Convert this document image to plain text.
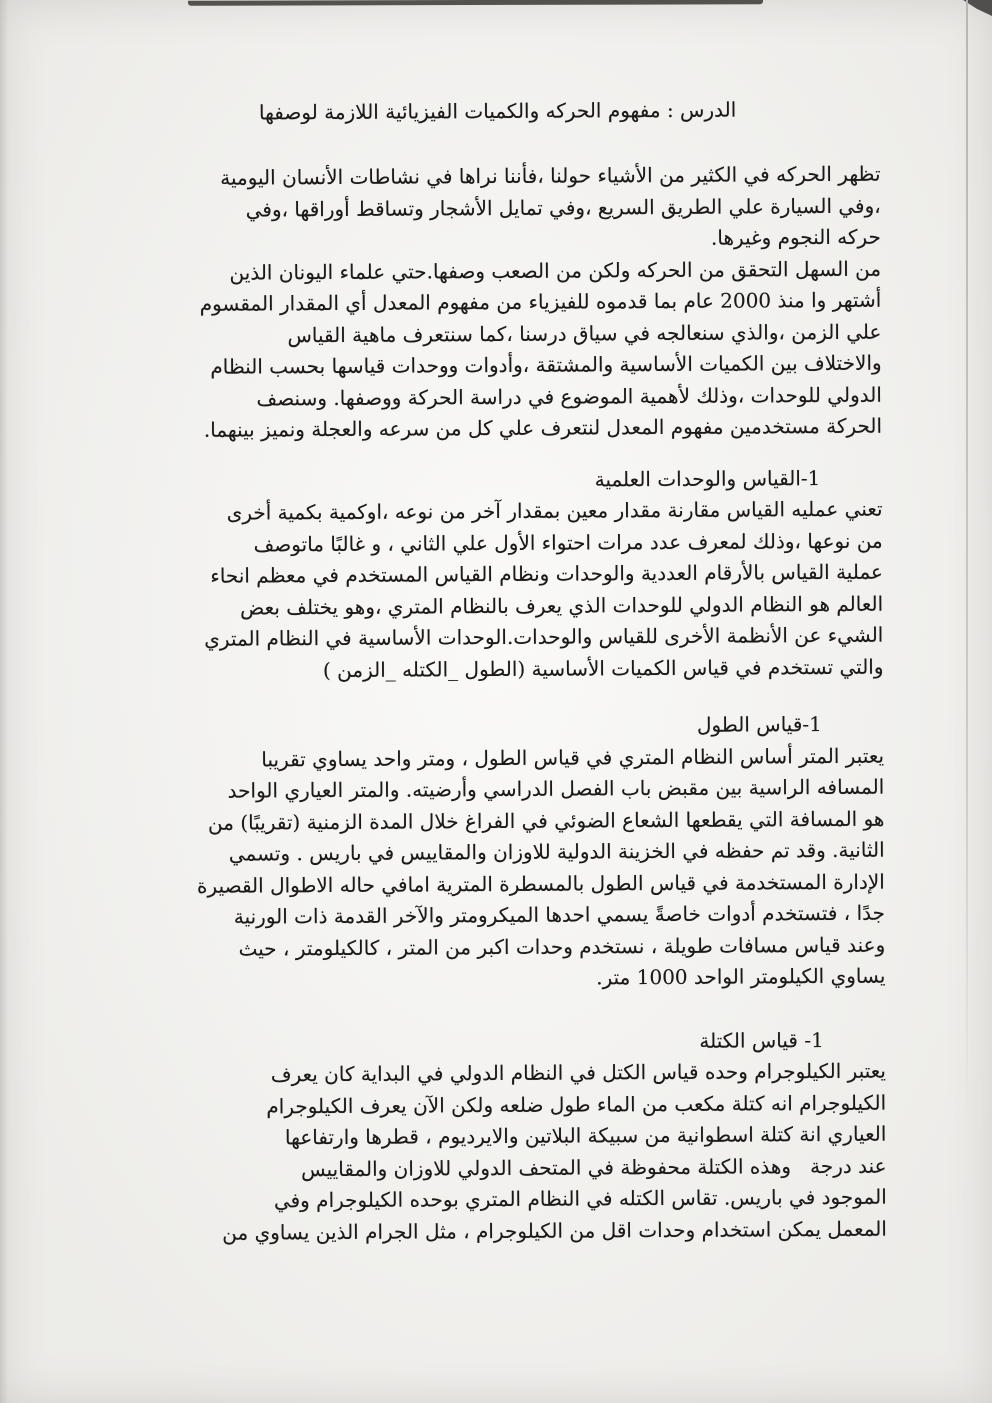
الدرس : مفهوم الحركه والكميات الفيزيائية اللازمة لوصفها
تظهر الحركه في الكثير من الأشياء حولنا ،فأننا نراها في نشاطات الأنسان اليومية
،وفي السيارة علي الطريق السريع ،وفي تمايل الأشجار وتساقط أوراقها ،وفي
حركه النجوم وغيرها.
من السهل التحقق من الحركه ولكن من الصعب وصفها.حتي علماء اليونان الذين
أشتهر وا منذ 2000 عام بما قدموه للفيزياء من مفهوم المعدل أي المقدار المقسوم
علي الزمن ،والذي سنعالجه في سياق درسنا ،كما سنتعرف ماهية القياس
والاختلاف بين الكميات الأساسية والمشتقة ،وأدوات ووحدات قياسها بحسب النظام
الدولي للوحدات ،وذلك لأهمية الموضوع في دراسة الحركة ووصفها. وسنصف
الحركة مستخدمين مفهوم المعدل لنتعرف علي كل من سرعه والعجلة ونميز بينهما.
1-القياس والوحدات العلمية
تعني عمليه القياس مقارنة مقدار معين بمقدار آخر من نوعه ،اوكمية بكمية أخرى
من نوعها ،وذلك لمعرف عدد مرات احتواء الأول علي الثاني ، و غالبًا ماتوصف
عملية القياس بالأرقام العددية والوحدات ونظام القياس المستخدم في معظم انحاء
العالم هو النظام الدولي للوحدات الذي يعرف بالنظام المتري ،وهو يختلف بعض
الشيء عن الأنظمة الأخرى للقياس والوحدات.الوحدات الأساسية في النظام المتري
والتي تستخدم في قياس الكميات الأساسية (الطول _الكتله _الزمن )
1-قياس الطول
يعتبر المتر أساس النظام المتري في قياس الطول ، ومتر واحد يساوي تقريبا
المسافه الراسية بين مقبض باب الفصل الدراسي وأرضيته. والمتر العياري الواحد
هو المسافة التي يقطعها الشعاع الضوئي في الفراغ خلال المدة الزمنية (تقريبًا) من
الثانية. وقد تم حفظه في الخزينة الدولية للاوزان والمقاييس في باريس . وتسمي
الإدارة المستخدمة في قياس الطول بالمسطرة المترية امافي حاله الاطوال القصيرة
جدًا ، فتستخدم أدوات خاصةً يسمي احدها الميكرومتر والآخر القدمة ذات الورنية
وعند قياس مسافات طويلة ، نستخدم وحدات اكبر من المتر ، كالكيلومتر ، حيث
يساوي الكيلومتر الواحد 1000 متر.
1- قياس الكتلة
يعتبر الكيلوجرام وحده قياس الكتل في النظام الدولي في البداية كان يعرف
الكيلوجرام انه كتلة مكعب من الماء طول ضلعه ولكن الآن يعرف الكيلوجرام
العياري انة كتلة اسطوانية من سبيكة البلاتين والايرديوم ، قطرها وارتفاعها
عند درجة   وهذه الكتلة محفوظة في المتحف الدولي للاوزان والمقاييس
الموجود في باريس. تقاس الكتله في النظام المتري بوحده الكيلوجرام وفي
المعمل يمكن استخدام وحدات اقل من الكيلوجرام ، مثل الجرام الذين يساوي من
